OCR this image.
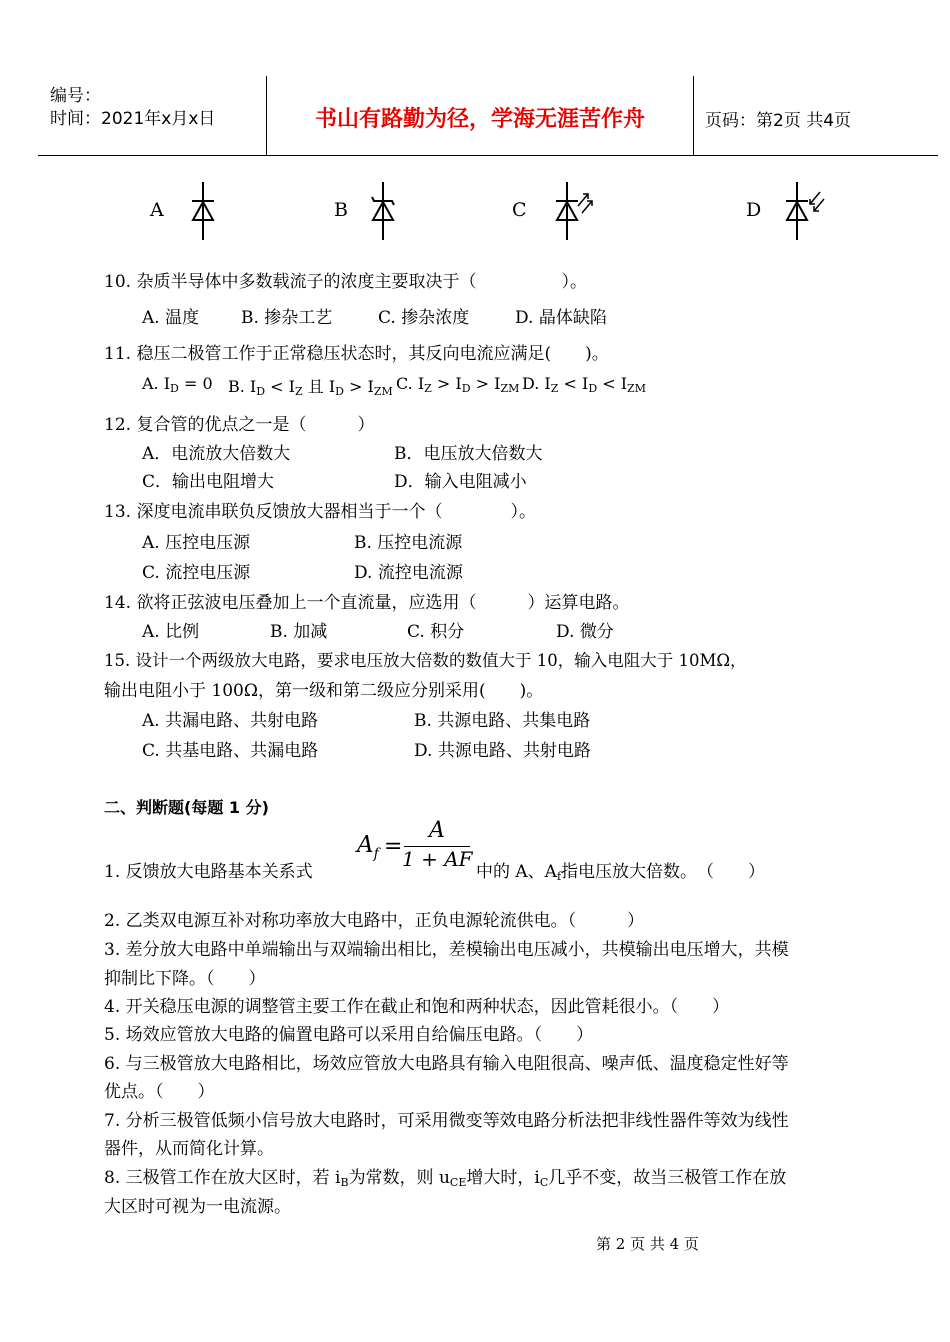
编号：
时间：2021年x月x日	书山有路勤为径，学海无涯苦作舟	页码：第2页 共4页
A	B	C	D
10. 杂质半导体中多数载流子的浓度主要取决于（　　　　　）。
A. 温度 B. 掺杂工艺	C. 掺杂浓度	D. 晶体缺陷
11. 稳压二极管工作于正常稳压状态时，其反向电流应满足(　　)。
A. $I_D = 0$ B. $I_D < I_Z$ 且 $I_D > I_{ZM}$ C. $I_Z > I_D > I_{ZM}$ D. $I_Z < I_D < I_{ZM}$
12. 复合管的优点之一是（　　　）
A．电流放大倍数大	B．电压放大倍数大
C．输出电阻增大	D．输入电阻减小
13. 深度电流串联负反馈放大器相当于一个（　　　　）。
A. 压控电压源	B. 压控电流源
C. 流控电压源	D. 流控电流源
14. 欲将正弦波电压叠加上一个直流量，应选用（　　　）运算电路。
A. 比例	B. 加减	C. 积分	D. 微分
15. 设计一个两级放大电路，要求电压放大倍数的数值大于 10，输入电阻大于 10MΩ，
输出电阻小于 100Ω，第一级和第二级应分别采用(　　)。
A. 共漏电路、共射电路	B. 共源电路、共集电路
C. 共基电路、共漏电路	D. 共源电路、共射电路
二、判断题(每题 1 分)
1. 反馈放大电路基本关系式
$A_f$ =
A
1 + AF
中的 A、$A_f$指电压放大倍数。　（　　）
2. 乙类双电源互补对称功率放大电路中，正负电源轮流供电。（　　　）
3. 差分放大电路中单端输出与双端输出相比，差模输出电压减小，共模输出电压增大，共模
抑制比下降。（　　）
4. 开关稳压电源的调整管主要工作在截止和饱和两种状态，因此管耗很小。（　　）
5. 场效应管放大电路的偏置电路可以采用自给偏压电路。（　　）
6. 与三极管放大电路相比，场效应管放大电路具有输入电阻很高、噪声低、温度稳定性好等
优点。（　　）
7. 分析三极管低频小信号放大电路时，可采用微变等效电路分析法把非线性器件等效为线性
器件，从而简化计算。
8. 三极管工作在放大区时，若 $i_B$为常数，则 $u_{CE}$增大时，$i_C$几乎不变，故当三极管工作在放
大区时可视为一电流源。
第 2 页 共 4 页
